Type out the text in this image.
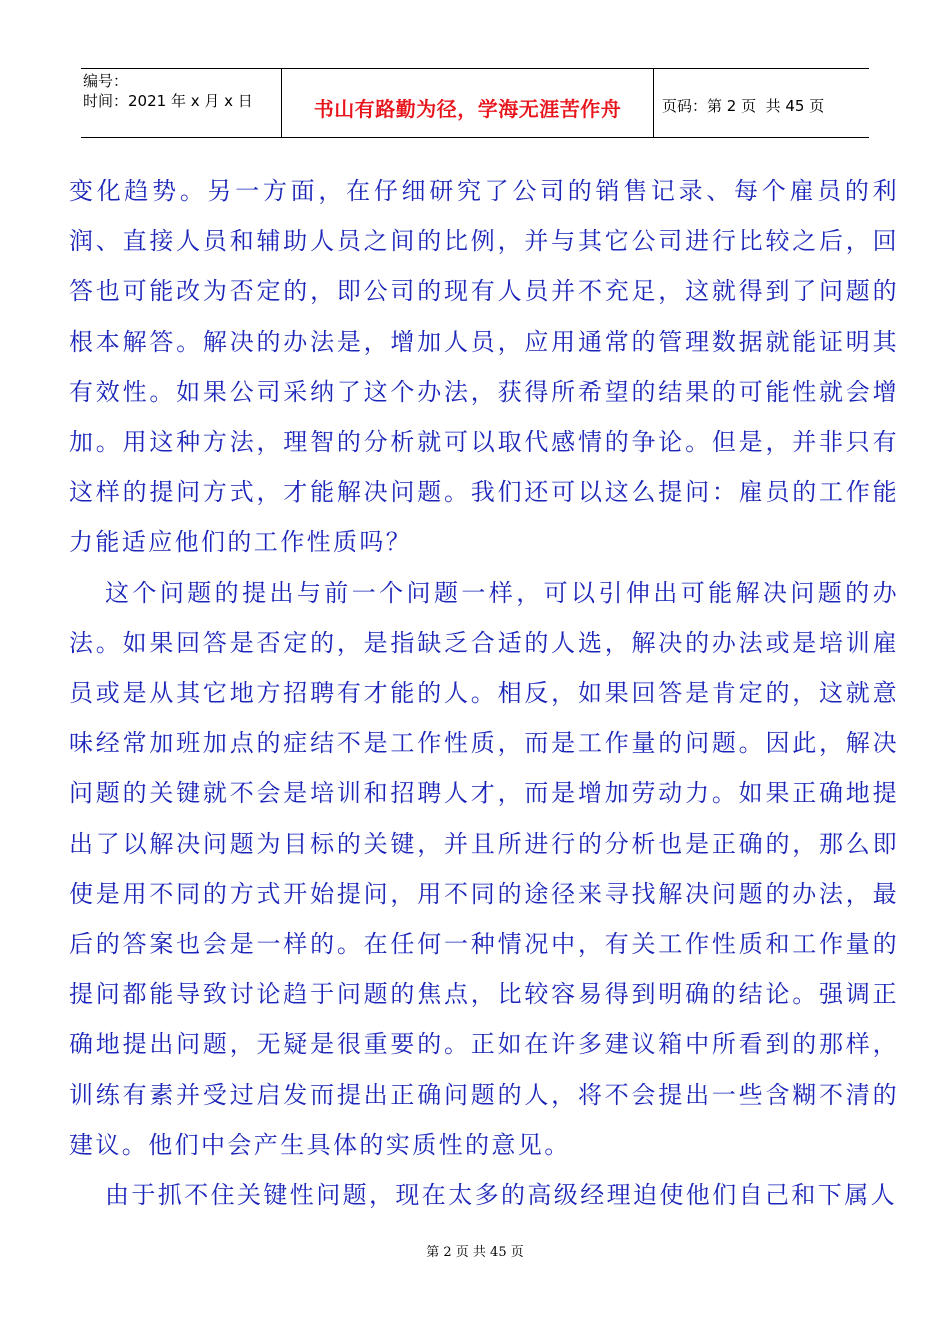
编号：
时间：2021 年 x 月 x 日	书山有路勤为径，学海无涯苦作舟	页码：第 2 页  共 45 页

变化趋势。另一方面，在仔细研究了公司的销售记录、每个雇员的利润、直接人员和辅助人员之间的比例，并与其它公司进行比较之后，回答也可能改为否定的，即公司的现有人员并不充足，这就得到了问题的根本解答。解决的办法是，增加人员，应用通常的管理数据就能证明其有效性。如果公司采纳了这个办法，获得所希望的结果的可能性就会增加。用这种方法，理智的分析就可以取代感情的争论。但是，并非只有这样的提问方式，才能解决问题。我们还可以这么提问：雇员的工作能力能适应他们的工作性质吗？

这个问题的提出与前一个问题一样，可以引伸出可能解决问题的办法。如果回答是否定的，是指缺乏合适的人选，解决的办法或是培训雇员或是从其它地方招聘有才能的人。相反，如果回答是肯定的，这就意味经常加班加点的症结不是工作性质，而是工作量的问题。因此，解决问题的关键就不会是培训和招聘人才，而是增加劳动力。如果正确地提出了以解决问题为目标的关键，并且所进行的分析也是正确的，那么即使是用不同的方式开始提问，用不同的途径来寻找解决问题的办法，最后的答案也会是一样的。在任何一种情况中，有关工作性质和工作量的提问都能导致讨论趋于问题的焦点，比较容易得到明确的结论。强调正确地提出问题，无疑是很重要的。正如在许多建议箱中所看到的那样，训练有素并受过启发而提出正确问题的人，将不会提出一些含糊不清的建议。他们中会产生具体的实质性的意见。

由于抓不住关键性问题，现在太多的高级经理迫使他们自己和下属人

第 2 页 共 45 页
